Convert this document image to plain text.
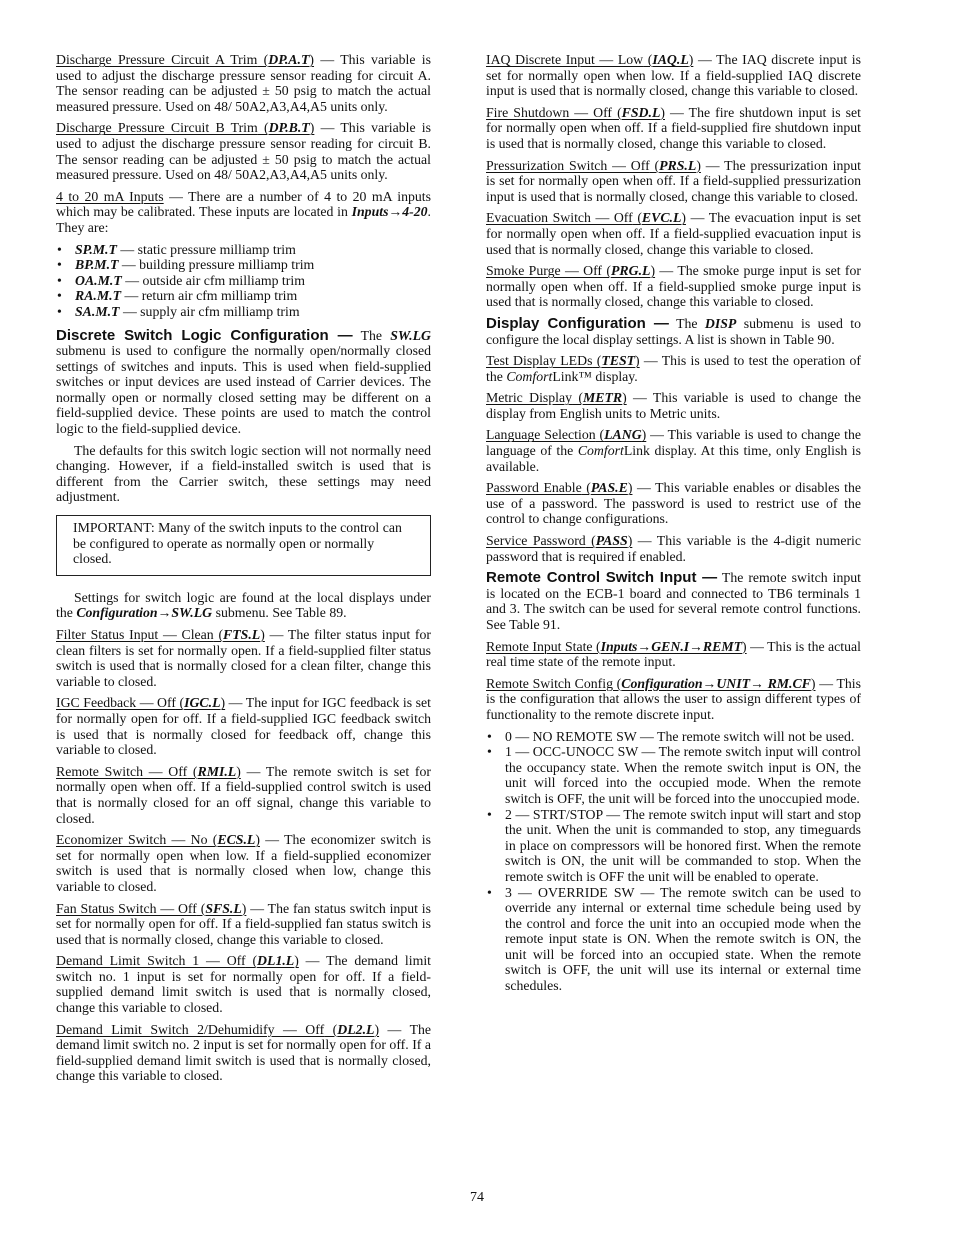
Discharge Pressure Circuit A Trim (DP.A.T) — This variable is used to adjust the discharge pressure sensor reading for circuit A. The sensor reading can be adjusted ± 50 psig to match the actual measured pressure. Used on 48/ 50A2,A3,A4,A5 units only.

Discharge Pressure Circuit B Trim (DP.B.T) — This variable is used to adjust the discharge pressure sensor reading for circuit B. The sensor reading can be adjusted ± 50 psig to match the actual measured pressure. Used on 48/ 50A2,A3,A4,A5 units only.

4 to 20 mA Inputs — There are a number of 4 to 20 mA inputs which may be calibrated. These inputs are located in Inputs→4-20. They are:

• SP.M.T — static pressure milliamp trim
• BP.M.T — building pressure milliamp trim
• OA.M.T — outside air cfm milliamp trim
• RA.M.T — return air cfm milliamp trim
• SA.M.T — supply air cfm milliamp trim

Discrete Switch Logic Configuration — The SW.LG submenu is used to configure the normally open/normally closed settings of switches and inputs. This is used when field-supplied switches or input devices are used instead of Carrier devices. The normally open or normally closed setting may be different on a field-supplied device. These points are used to match the control logic to the field-supplied device.

The defaults for this switch logic section will not normally need changing. However, if a field-installed switch is used that is different from the Carrier switch, these settings may need adjustment.

IMPORTANT: Many of the switch inputs to the control can be configured to operate as normally open or normally closed.

Settings for switch logic are found at the local displays under the Configuration→SW.LG submenu. See Table 89.

Filter Status Input — Clean (FTS.L) — The filter status input for clean filters is set for normally open. If a field-supplied filter status switch is used that is normally closed for a clean filter, change this variable to closed.

IGC Feedback — Off (IGC.L) — The input for IGC feedback is set for normally open for off. If a field-supplied IGC feedback switch is used that is normally closed for feedback off, change this variable to closed.

Remote Switch — Off (RMI.L) — The remote switch is set for normally open when off. If a field-supplied control switch is used that is normally closed for an off signal, change this variable to closed.

Economizer Switch — No (ECS.L) — The economizer switch is set for normally open when low. If a field-supplied economizer switch is used that is normally closed when low, change this variable to closed.

Fan Status Switch — Off (SFS.L) — The fan status switch input is set for normally open for off. If a field-supplied fan status switch is used that is normally closed, change this variable to closed.

Demand Limit Switch 1 — Off (DL1.L) — The demand limit switch no. 1 input is set for normally open for off. If a field-supplied demand limit switch is used that is normally closed, change this variable to closed.

Demand Limit Switch 2/Dehumidify — Off (DL2.L) — The demand limit switch no. 2 input is set for normally open for off. If a field-supplied demand limit switch is used that is normally closed, change this variable to closed.

IAQ Discrete Input — Low (IAQ.L) — The IAQ discrete input is set for normally open when low. If a field-supplied IAQ discrete input is used that is normally closed, change this variable to closed.

Fire Shutdown — Off (FSD.L) — The fire shutdown input is set for normally open when off. If a field-supplied fire shutdown input is used that is normally closed, change this variable to closed.

Pressurization Switch — Off (PRS.L) — The pressurization input is set for normally open when off. If a field-supplied pressurization input is used that is normally closed, change this variable to closed.

Evacuation Switch — Off (EVC.L) — The evacuation input is set for normally open when off. If a field-supplied evacuation input is used that is normally closed, change this variable to closed.

Smoke Purge — Off (PRG.L) — The smoke purge input is set for normally open when off. If a field-supplied smoke purge input is used that is normally closed, change this variable to closed.

Display Configuration — The DISP submenu is used to configure the local display settings. A list is shown in Table 90.

Test Display LEDs (TEST) — This is used to test the operation of the ComfortLink™ display.

Metric Display (METR) — This variable is used to change the display from English units to Metric units.

Language Selection (LANG) — This variable is used to change the language of the ComfortLink display. At this time, only English is available.

Password Enable (PAS.E) — This variable enables or disables the use of a password. The password is used to restrict use of the control to change configurations.

Service Password (PASS) — This variable is the 4-digit numeric password that is required if enabled.

Remote Control Switch Input — The remote switch input is located on the ECB-1 board and connected to TB6 terminals 1 and 3. The switch can be used for several remote control functions. See Table 91.

Remote Input State (Inputs→GEN.I→REMT) — This is the actual real time state of the remote input.

Remote Switch Config (Configuration→UNIT→ RM.CF) — This is the configuration that allows the user to assign different types of functionality to the remote discrete input.

• 0 — NO REMOTE SW — The remote switch will not be used.
• 1 — OCC-UNOCC SW — The remote switch input will control the occupancy state. When the remote switch input is ON, the unit will forced into the occupied mode. When the remote switch is OFF, the unit will be forced into the unoccupied mode.
• 2 — STRT/STOP — The remote switch input will start and stop the unit. When the unit is commanded to stop, any timeguards in place on compressors will be honored first. When the remote switch is ON, the unit will be commanded to stop. When the remote switch is OFF the unit will be enabled to operate.
• 3 — OVERRIDE SW — The remote switch can be used to override any internal or external time schedule being used by the control and force the unit into an occupied mode when the remote input state is ON. When the remote switch is ON, the unit will be forced into an occupied state. When the remote switch is OFF, the unit will use its internal or external time schedules.
74
